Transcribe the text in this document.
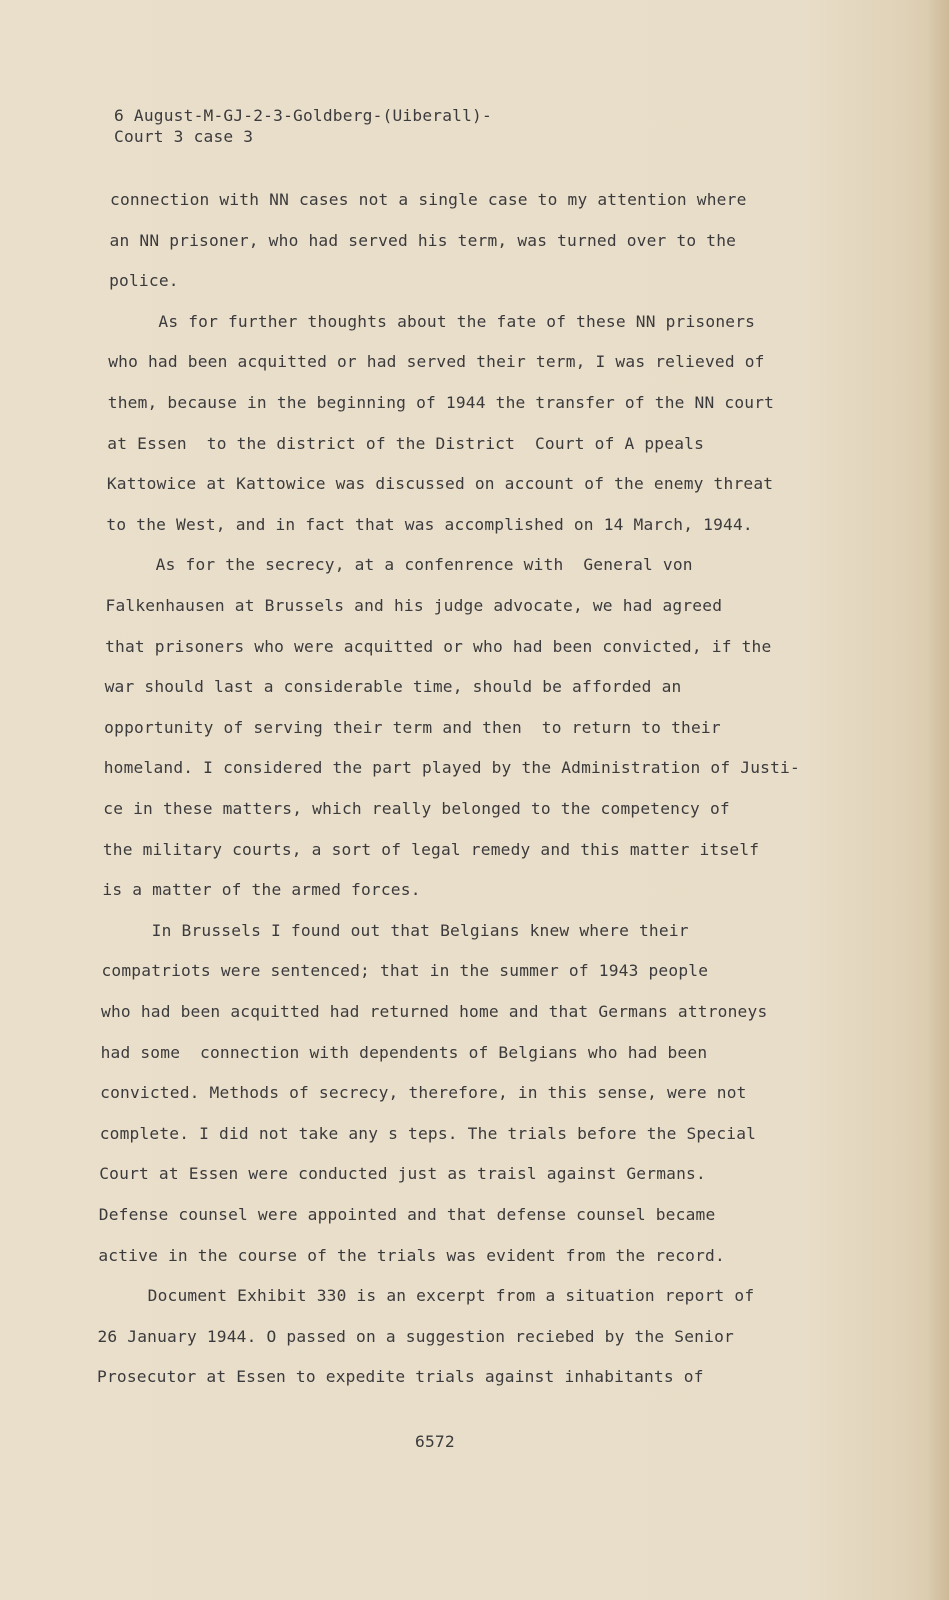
6 August-M-GJ-2-3-Goldberg-(Uiberall)-
Court 3 case 3
connection with NN cases not a single case to my attention where
an NN prisoner, who had served his term, was turned over to the
police.
As for further thoughts about the fate of these NN prisoners
who had been acquitted or had served their term, I was relieved of
them, because in the beginning of 1944 the transfer of the NN court
at Essen  to the district of the District  Court of A ppeals
Kattowice at Kattowice was discussed on account of the enemy threat
to the West, and in fact that was accomplished on 14 March, 1944.
As for the secrecy, at a confenrence with  General von
Falkenhausen at Brussels and his judge advocate, we had agreed
that prisoners who were acquitted or who had been convicted, if the
war should last a considerable time, should be afforded an
opportunity of serving their term and then  to return to their
homeland. I considered the part played by the Administration of Justi-
ce in these matters, which really belonged to the competency of
the military courts, a sort of legal remedy and this matter itself
is a matter of the armed forces.
In Brussels I found out that Belgians knew where their
compatriots were sentenced; that in the summer of 1943 people
who had been acquitted had returned home and that Germans attroneys
had some  connection with dependents of Belgians who had been
convicted. Methods of secrecy, therefore, in this sense, were not
complete. I did not take any s teps. The trials before the Special
Court at Essen were conducted just as traisl against Germans.
Defense counsel were appointed and that defense counsel became
active in the course of the trials was evident from the record.
Document Exhibit 330 is an excerpt from a situation report of
26 January 1944. O passed on a suggestion reciebed by the Senior
Prosecutor at Essen to expedite trials against inhabitants of
6572
